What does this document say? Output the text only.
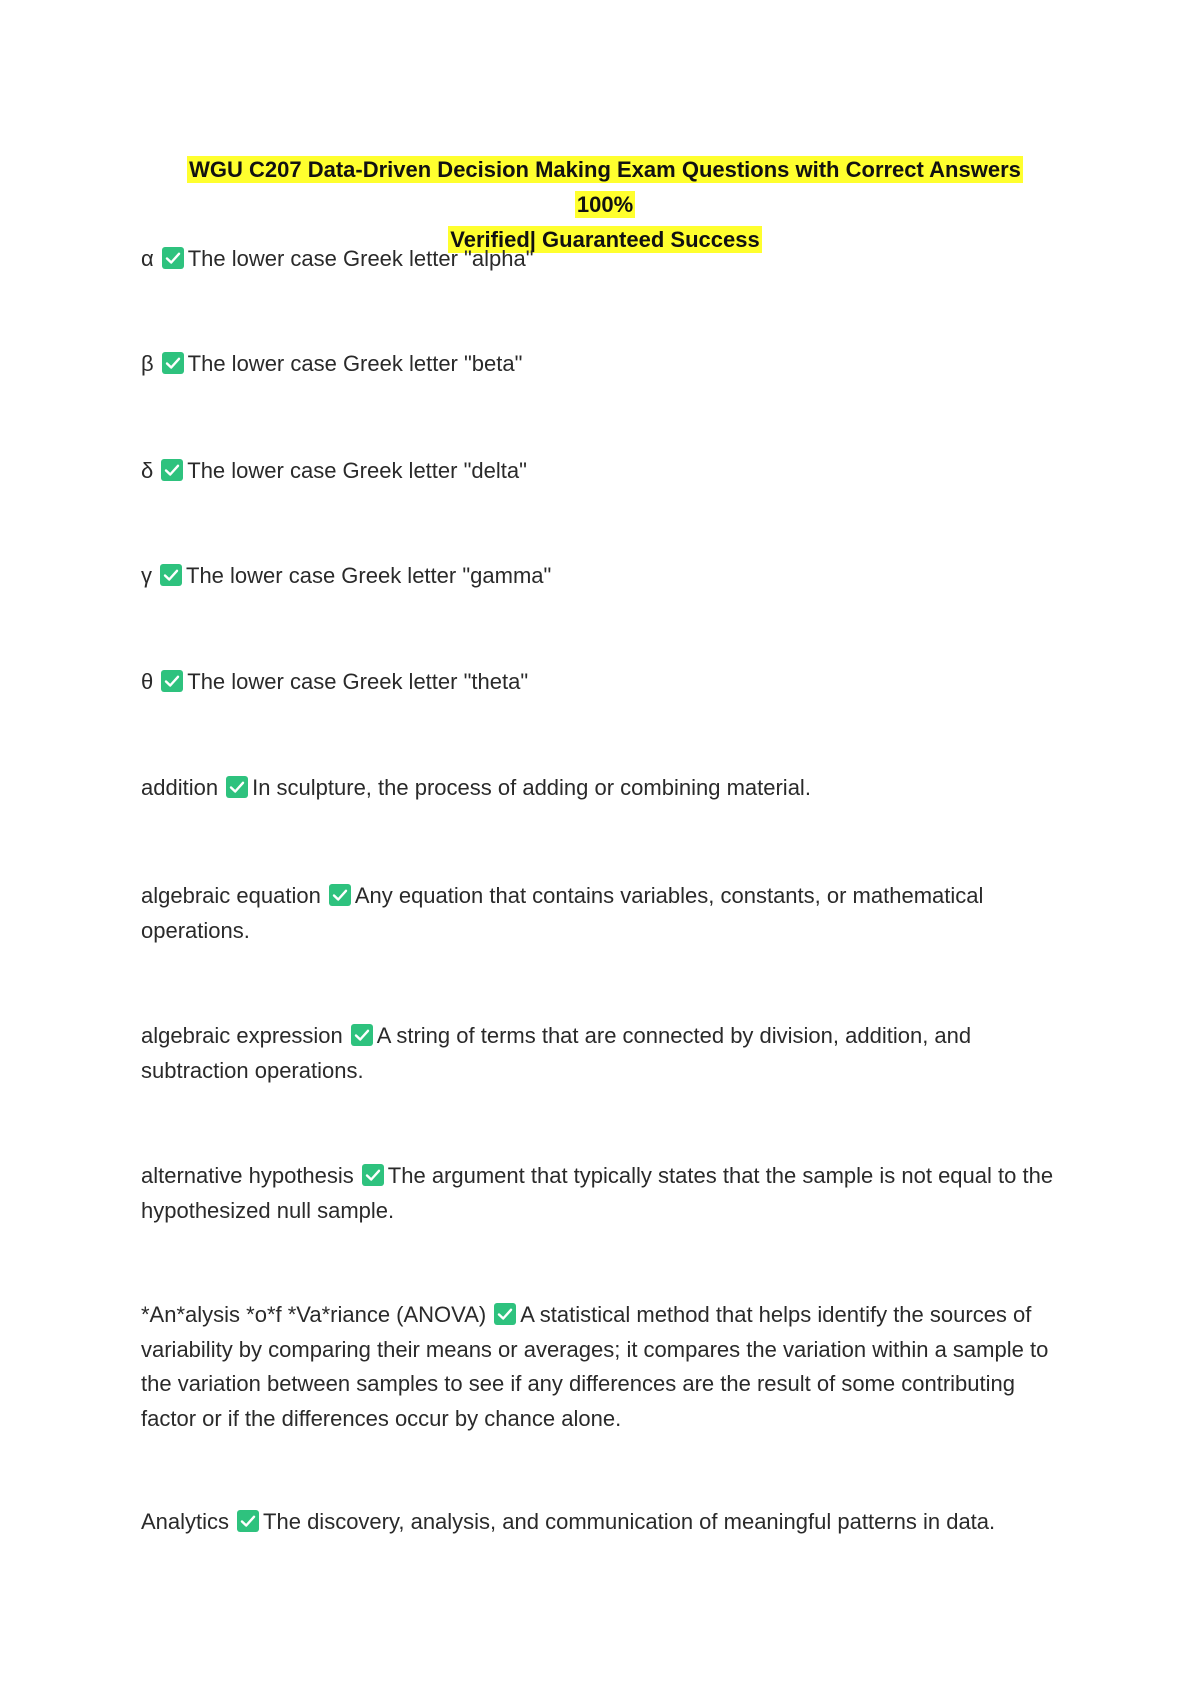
WGU C207 Data-Driven Decision Making Exam Questions with Correct Answers 100%
Verified| Guaranteed Success
α The lower case Greek letter "alpha"
β The lower case Greek letter "beta"
δ The lower case Greek letter "delta"
γ The lower case Greek letter "gamma"
θ The lower case Greek letter "theta"
addition In sculpture, the process of adding or combining material.
algebraic equation Any equation that contains variables, constants, or mathematical operations.
algebraic expression A string of terms that are connected by division, addition, and subtraction operations.
alternative hypothesis The argument that typically states that the sample is not equal to the hypothesized null sample.
*An*alysis *o*f *Va*riance (ANOVA) A statistical method that helps identify the sources of variability by comparing their means or averages; it compares the variation within a sample to the variation between samples to see if any differences are the result of some contributing factor or if the differences occur by chance alone.
Analytics The discovery, analysis, and communication of meaningful patterns in data.
